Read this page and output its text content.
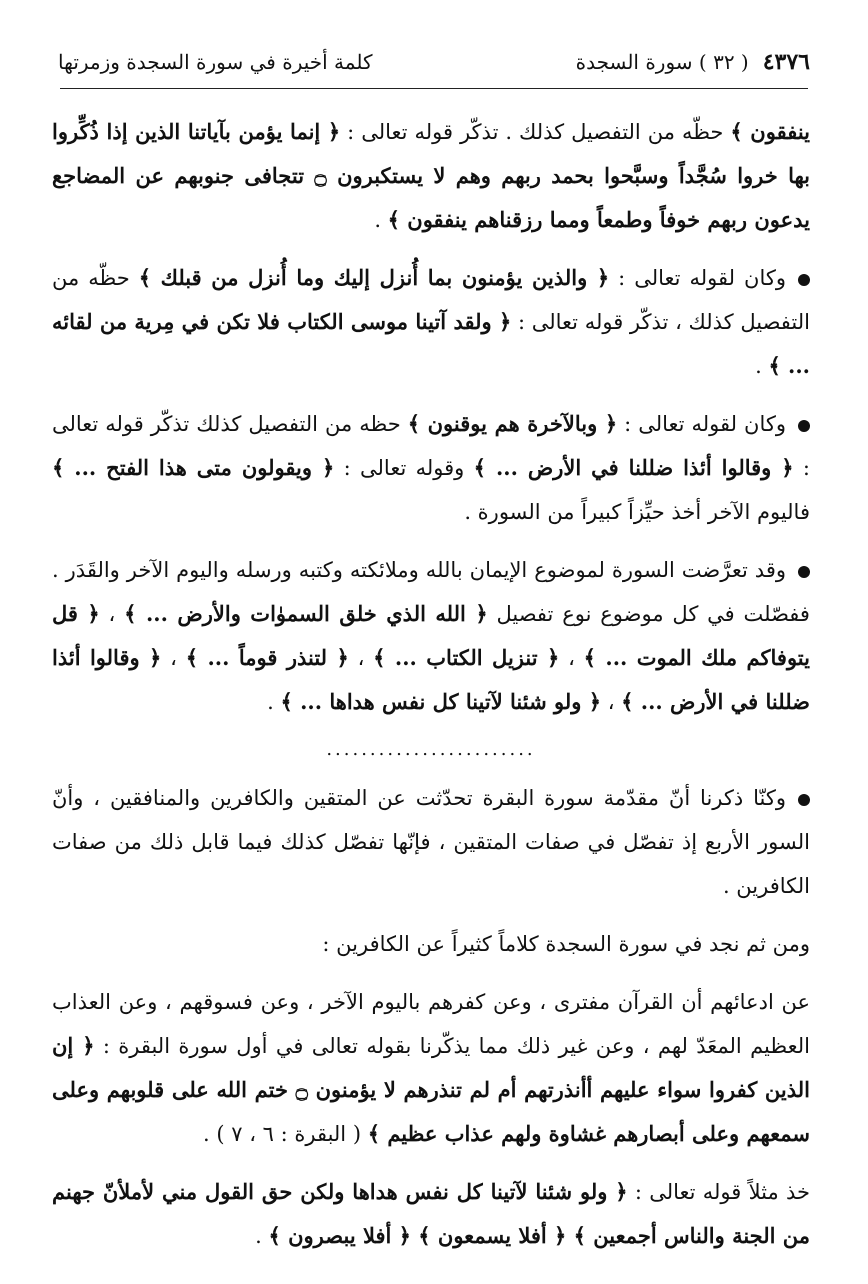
٤٣٧٦
( ٣٢ ) سورة السجدة
كلمة أخيرة في سورة السجدة وزمرتها

ينفقون ﴾ حظّه من التفصيل كذلك . تذكّر قوله تعالى : ﴿ إنما يؤمن بآياتنا الذين إذا ذُكِّروا بها خروا سُجَّداً وسبَّحوا بحمد ربهم وهم لا يستكبرون ۝ تتجافى جنوبهم عن المضاجع يدعون ربهم خوفاً وطمعاً ومما رزقناهم ينفقون ﴾ .

وكان لقوله تعالى : ﴿ والذين يؤمنون بما أُنزل إليك وما أُنزل من قبلك ﴾ حظّه من التفصيل كذلك ، تذكّر قوله تعالى : ﴿ ولقد آتينا موسى الكتاب فلا تكن في مِرية من لقائه ... ﴾ .

وكان لقوله تعالى : ﴿ وبالآخرة هم يوقنون ﴾ حظه من التفصيل كذلك تذكّر قوله تعالى : ﴿ وقالوا أئذا ضللنا في الأرض ... ﴾ وقوله تعالى : ﴿ ويقولون متى هذا الفتح ... ﴾ فاليوم الآخر أخذ حيِّزاً كبيراً من السورة .

وقد تعرَّضت السورة لموضوع الإيمان بالله وملائكته وكتبه ورسله واليوم الآخر والقَدَر . ففصّلت في كل موضوع نوع تفصيل ﴿ الله الذي خلق السموٰات والأرض ... ﴾ ، ﴿ قل يتوفاكم ملك الموت ... ﴾ ، ﴿ تنزيل الكتاب ... ﴾ ، ﴿ لتنذر قوماً ... ﴾ ، ﴿ وقالوا أئذا ضللنا في الأرض ... ﴾ ، ﴿ ولو شئنا لآتينا كل نفس هداها ... ﴾ .

........................

وكنّا ذكرنا أنّ مقدّمة سورة البقرة تحدّثت عن المتقين والكافرين والمنافقين ، وأنّ السور الأربع إذ تفصّل في صفات المتقين ، فإنّها تفصّل كذلك فيما قابل ذلك من صفات الكافرين .

ومن ثم نجد في سورة السجدة كلاماً كثيراً عن الكافرين :

عن ادعائهم أن القرآن مفترى ، وعن كفرهم باليوم الآخر ، وعن فسوقهم ، وعن العذاب العظيم المعَدّ لهم ، وعن غير ذلك مما يذكّرنا بقوله تعالى في أول سورة البقرة : ﴿ إن الذين كفروا سواء عليهم أأنذرتهم أم لم تنذرهم لا يؤمنون ۝ ختم الله على قلوبهم وعلى سمعهم وعلى أبصارهم غشاوة ولهم عذاب عظيم ﴾ ( البقرة : ٦ ، ٧ ) .

خذ مثلاً قوله تعالى : ﴿ ولو شئنا لآتينا كل نفس هداها ولكن حق القول مني لأملأنّ جهنم من الجنة والناس أجمعين ﴾ ﴿ أفلا يسمعون ﴾ ﴿ أفلا يبصرون ﴾ .
